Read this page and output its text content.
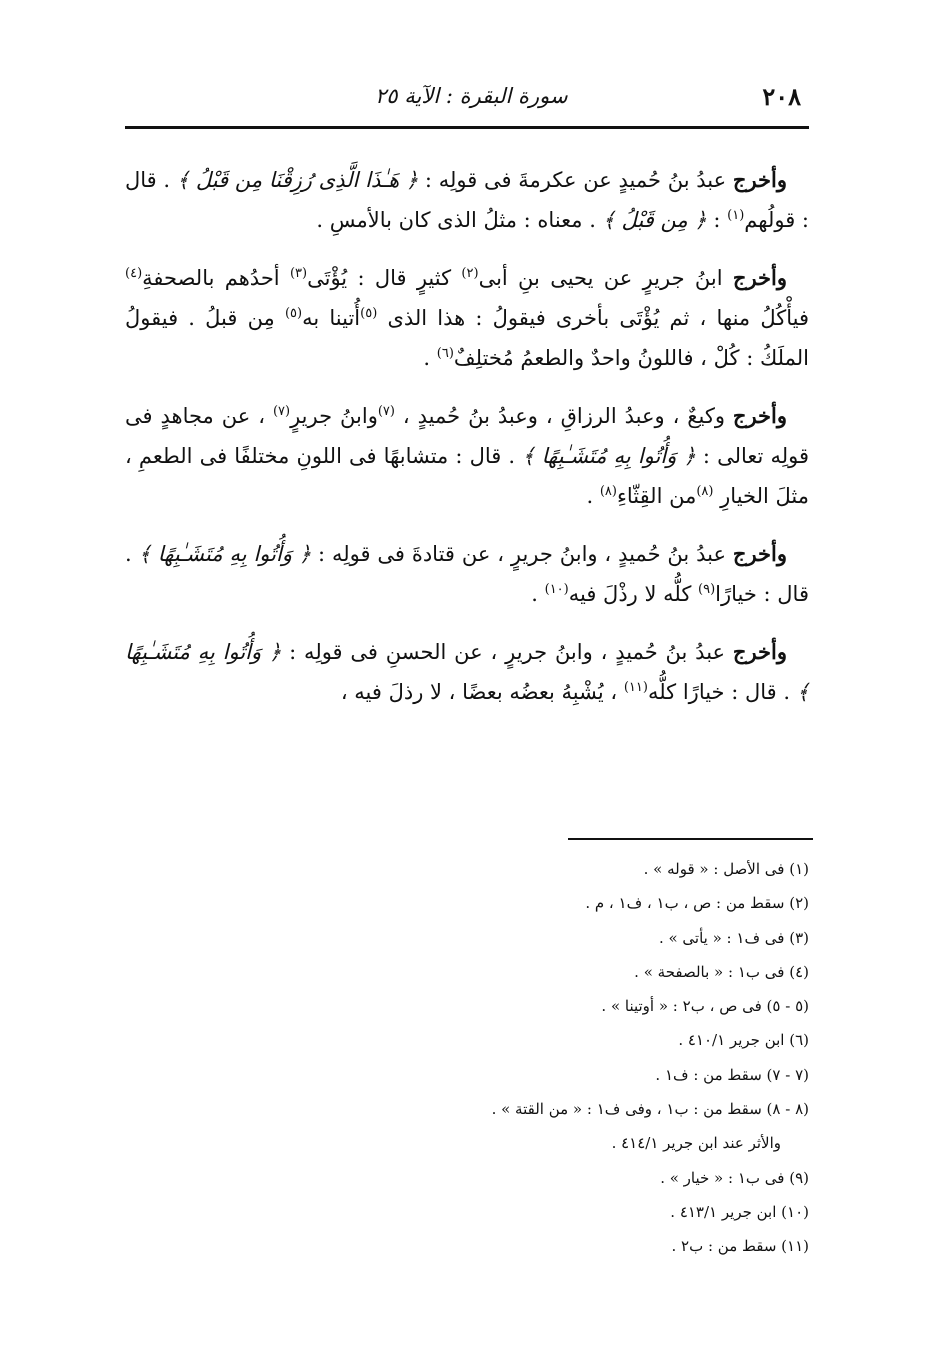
٢٠٨
سورة البقرة : الآية ٢٥

وأخرج عبدُ بنُ حُميدٍ عن عكرمةَ فى قولِه : ﴿ هَـٰذَا الَّذِى رُزِقْنَا مِن قَبْلُ ﴾ . قال : قولُهم$^{(١)}$ : ﴿ مِن قَبْلُ ﴾ . معناه : مثلُ الذى كان بالأمسِ .

وأخرج ابنُ جريرٍ عن يحيى بنِ أبى$^{(٢)}$ كثيرٍ قال : يُؤْتَى$^{(٣)}$ أحدُهم بالصحفةِ$^{(٤)}$ فيأْكُلُ منها ، ثم يُؤْتَى بأخرى فيقولُ : هذا الذى $^{(٥)}$أُتينا به$^{(٥)}$ مِن قبلُ . فيقولُ الملَكُ : كُلْ ، فاللونُ واحدٌ والطعمُ مُختلِفٌ$^{(٦)}$ .

وأخرج وكيعٌ ، وعبدُ الرزاقِ ، وعبدُ بنُ حُميدٍ ، $^{(٧)}$وابنُ جريرٍ$^{(٧)}$ ، عن مجاهدٍ فى قولِه تعالى : ﴿ وَأُتُوا بِهِ مُتَشَـٰبِهًا ﴾ . قال : متشابهًا فى اللونِ مختلفًا فى الطعمِ ، مثلَ الخيارِ $^{(٨)}$من القِثّاءِ$^{(٨)}$ .

وأخرج عبدُ بنُ حُميدٍ ، وابنُ جريرٍ ، عن قتادةَ فى قولِه : ﴿ وَأُتُوا بِهِ مُتَشَـٰبِهًا ﴾ . قال : خيارًا$^{(٩)}$ كلُّه لا رذْلَ فيه$^{(١٠)}$ .

وأخرج عبدُ بنُ حُميدٍ ، وابنُ جريرٍ ، عن الحسنِ فى قولِه : ﴿ وَأُتُوا بِهِ مُتَشَـٰبِهًا ﴾ . قال : خيارًا كلُّه$^{(١١)}$ ، يُشْبِهُ بعضُه بعضًا ، لا رذلَ فيه ،

(١) فى الأصل : « قوله » .

(٢) سقط من : ص ، ب١ ، ف١ ، م .

(٣) فى ف١ : « يأتى » .

(٤) فى ب١ : « بالصفحة » .

(٥ - ٥) فى ص ، ب٢ : « أوتينا » .

(٦) ابن جرير ٤١٠/١ .

(٧ - ٧) سقط من : ف١ .

(٨ - ٨) سقط من : ب١ ، وفى ف١ : « من القتة » .

والأثر عند ابن جرير ٤١٤/١ .

(٩) فى ب١ : « خيار » .

(١٠) ابن جرير ٤١٣/١ .

(١١) سقط من : ب٢ .
